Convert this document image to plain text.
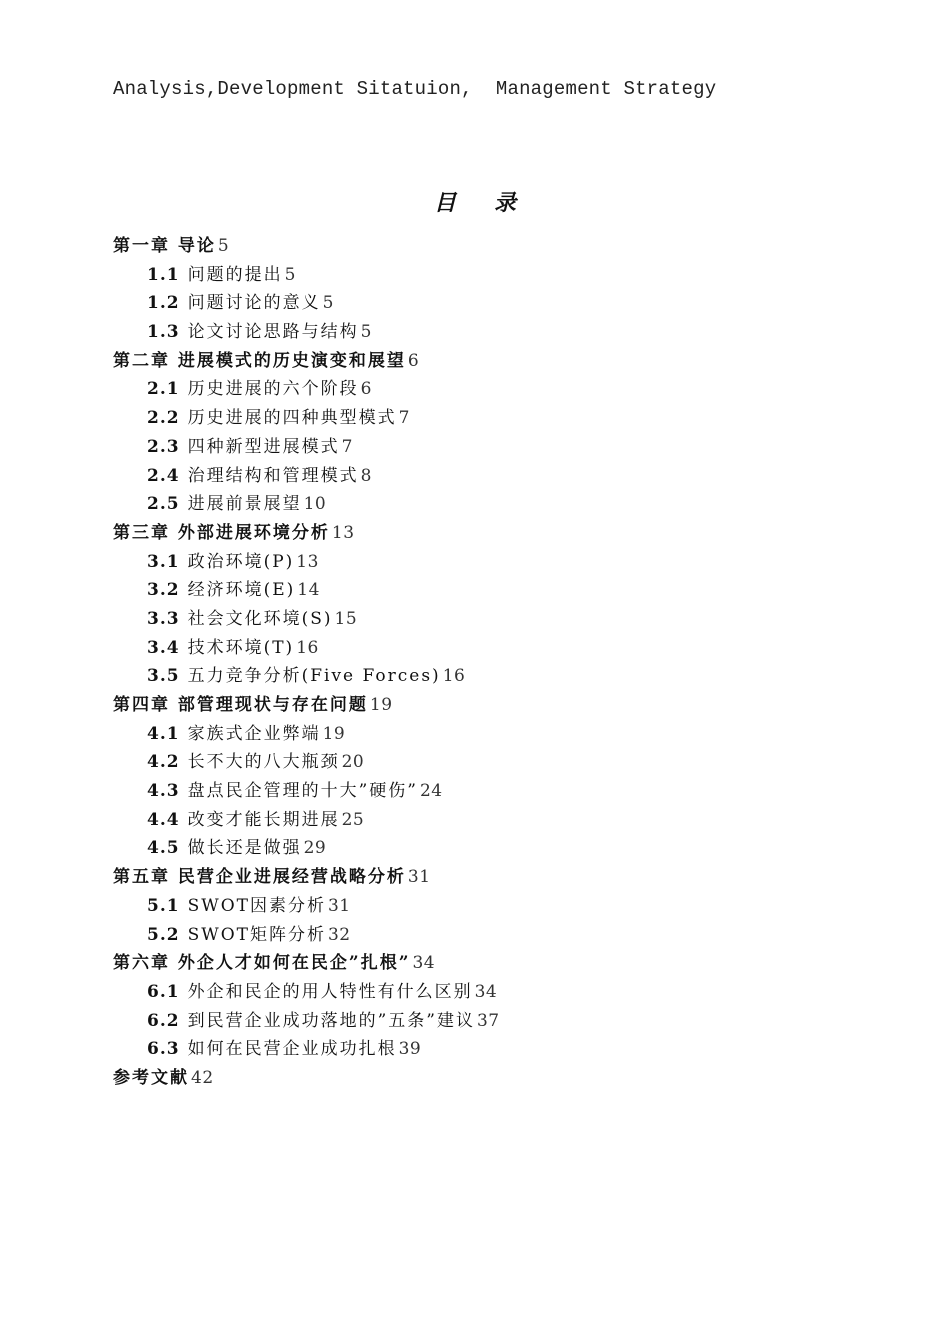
Analysis,Development Sitatuion,  Management Strategy
目录
第一章 导论 5
1.1 问题的提出 5
1.2 问题讨论的意义 5
1.3 论文讨论思路与结构 5
第二章 进展模式的历史演变和展望 6
2.1 历史进展的六个阶段 6
2.2 历史进展的四种典型模式 7
2.3 四种新型进展模式 7
2.4 治理结构和管理模式 8
2.5 进展前景展望 10
第三章 外部进展环境分析 13
3.1 政治环境(P) 13
3.2 经济环境(E) 14
3.3 社会文化环境(S) 15
3.4 技术环境(T) 16
3.5 五力竞争分析(Five Forces) 16
第四章 部管理现状与存在问题 19
4.1 家族式企业弊端 19
4.2 长不大的八大瓶颈 20
4.3 盘点民企管理的十大”硬伤” 24
4.4 改变才能长期进展 25
4.5 做长还是做强 29
第五章 民营企业进展经营战略分析 31
5.1 SWOT因素分析 31
5.2 SWOT矩阵分析 32
第六章 外企人才如何在民企”扎根” 34
6.1 外企和民企的用人特性有什么区别 34
6.2 到民营企业成功落地的”五条”建议 37
6.3 如何在民营企业成功扎根 39
参考文献 42
